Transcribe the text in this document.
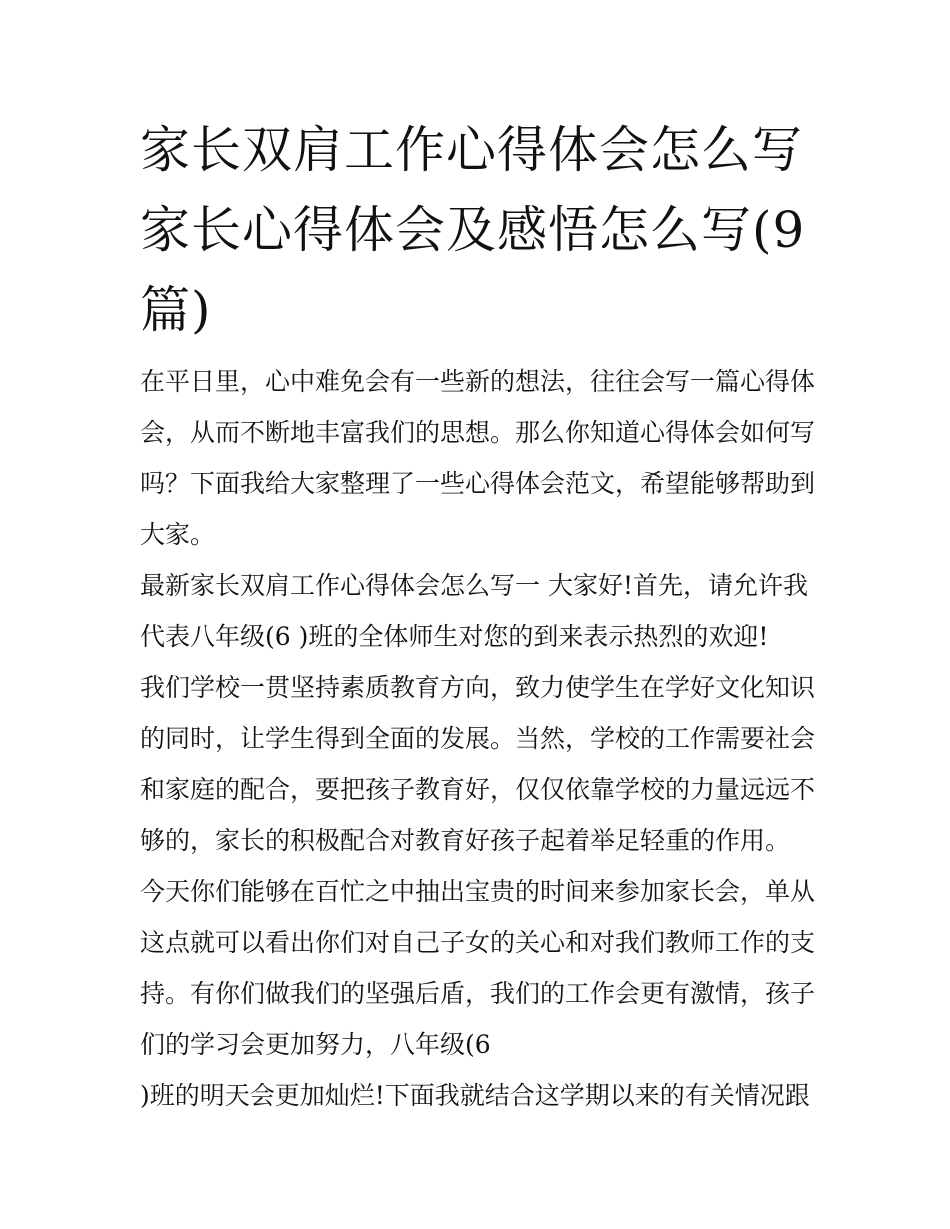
家长双肩工作心得体会怎么写
家长心得体会及感悟怎么写(9
篇)
在平日里，心中难免会有一些新的想法，往往会写一篇心得体
会，从而不断地丰富我们的思想。那么你知道心得体会如何写
吗？下面我给大家整理了一些心得体会范文，希望能够帮助到
大家。
最新家长双肩工作心得体会怎么写一 大家好!首先，请允许我
代表八年级(6 )班的全体师生对您的到来表示热烈的欢迎!
我们学校一贯坚持素质教育方向，致力使学生在学好文化知识
的同时，让学生得到全面的发展。当然，学校的工作需要社会
和家庭的配合，要把孩子教育好，仅仅依靠学校的力量远远不
够的，家长的积极配合对教育好孩子起着举足轻重的作用。
今天你们能够在百忙之中抽出宝贵的时间来参加家长会，单从
这点就可以看出你们对自己子女的关心和对我们教师工作的支
持。有你们做我们的坚强后盾，我们的工作会更有激情，孩子
们的学习会更加努力，八年级(6
)班的明天会更加灿烂!下面我就结合这学期以来的有关情况跟
